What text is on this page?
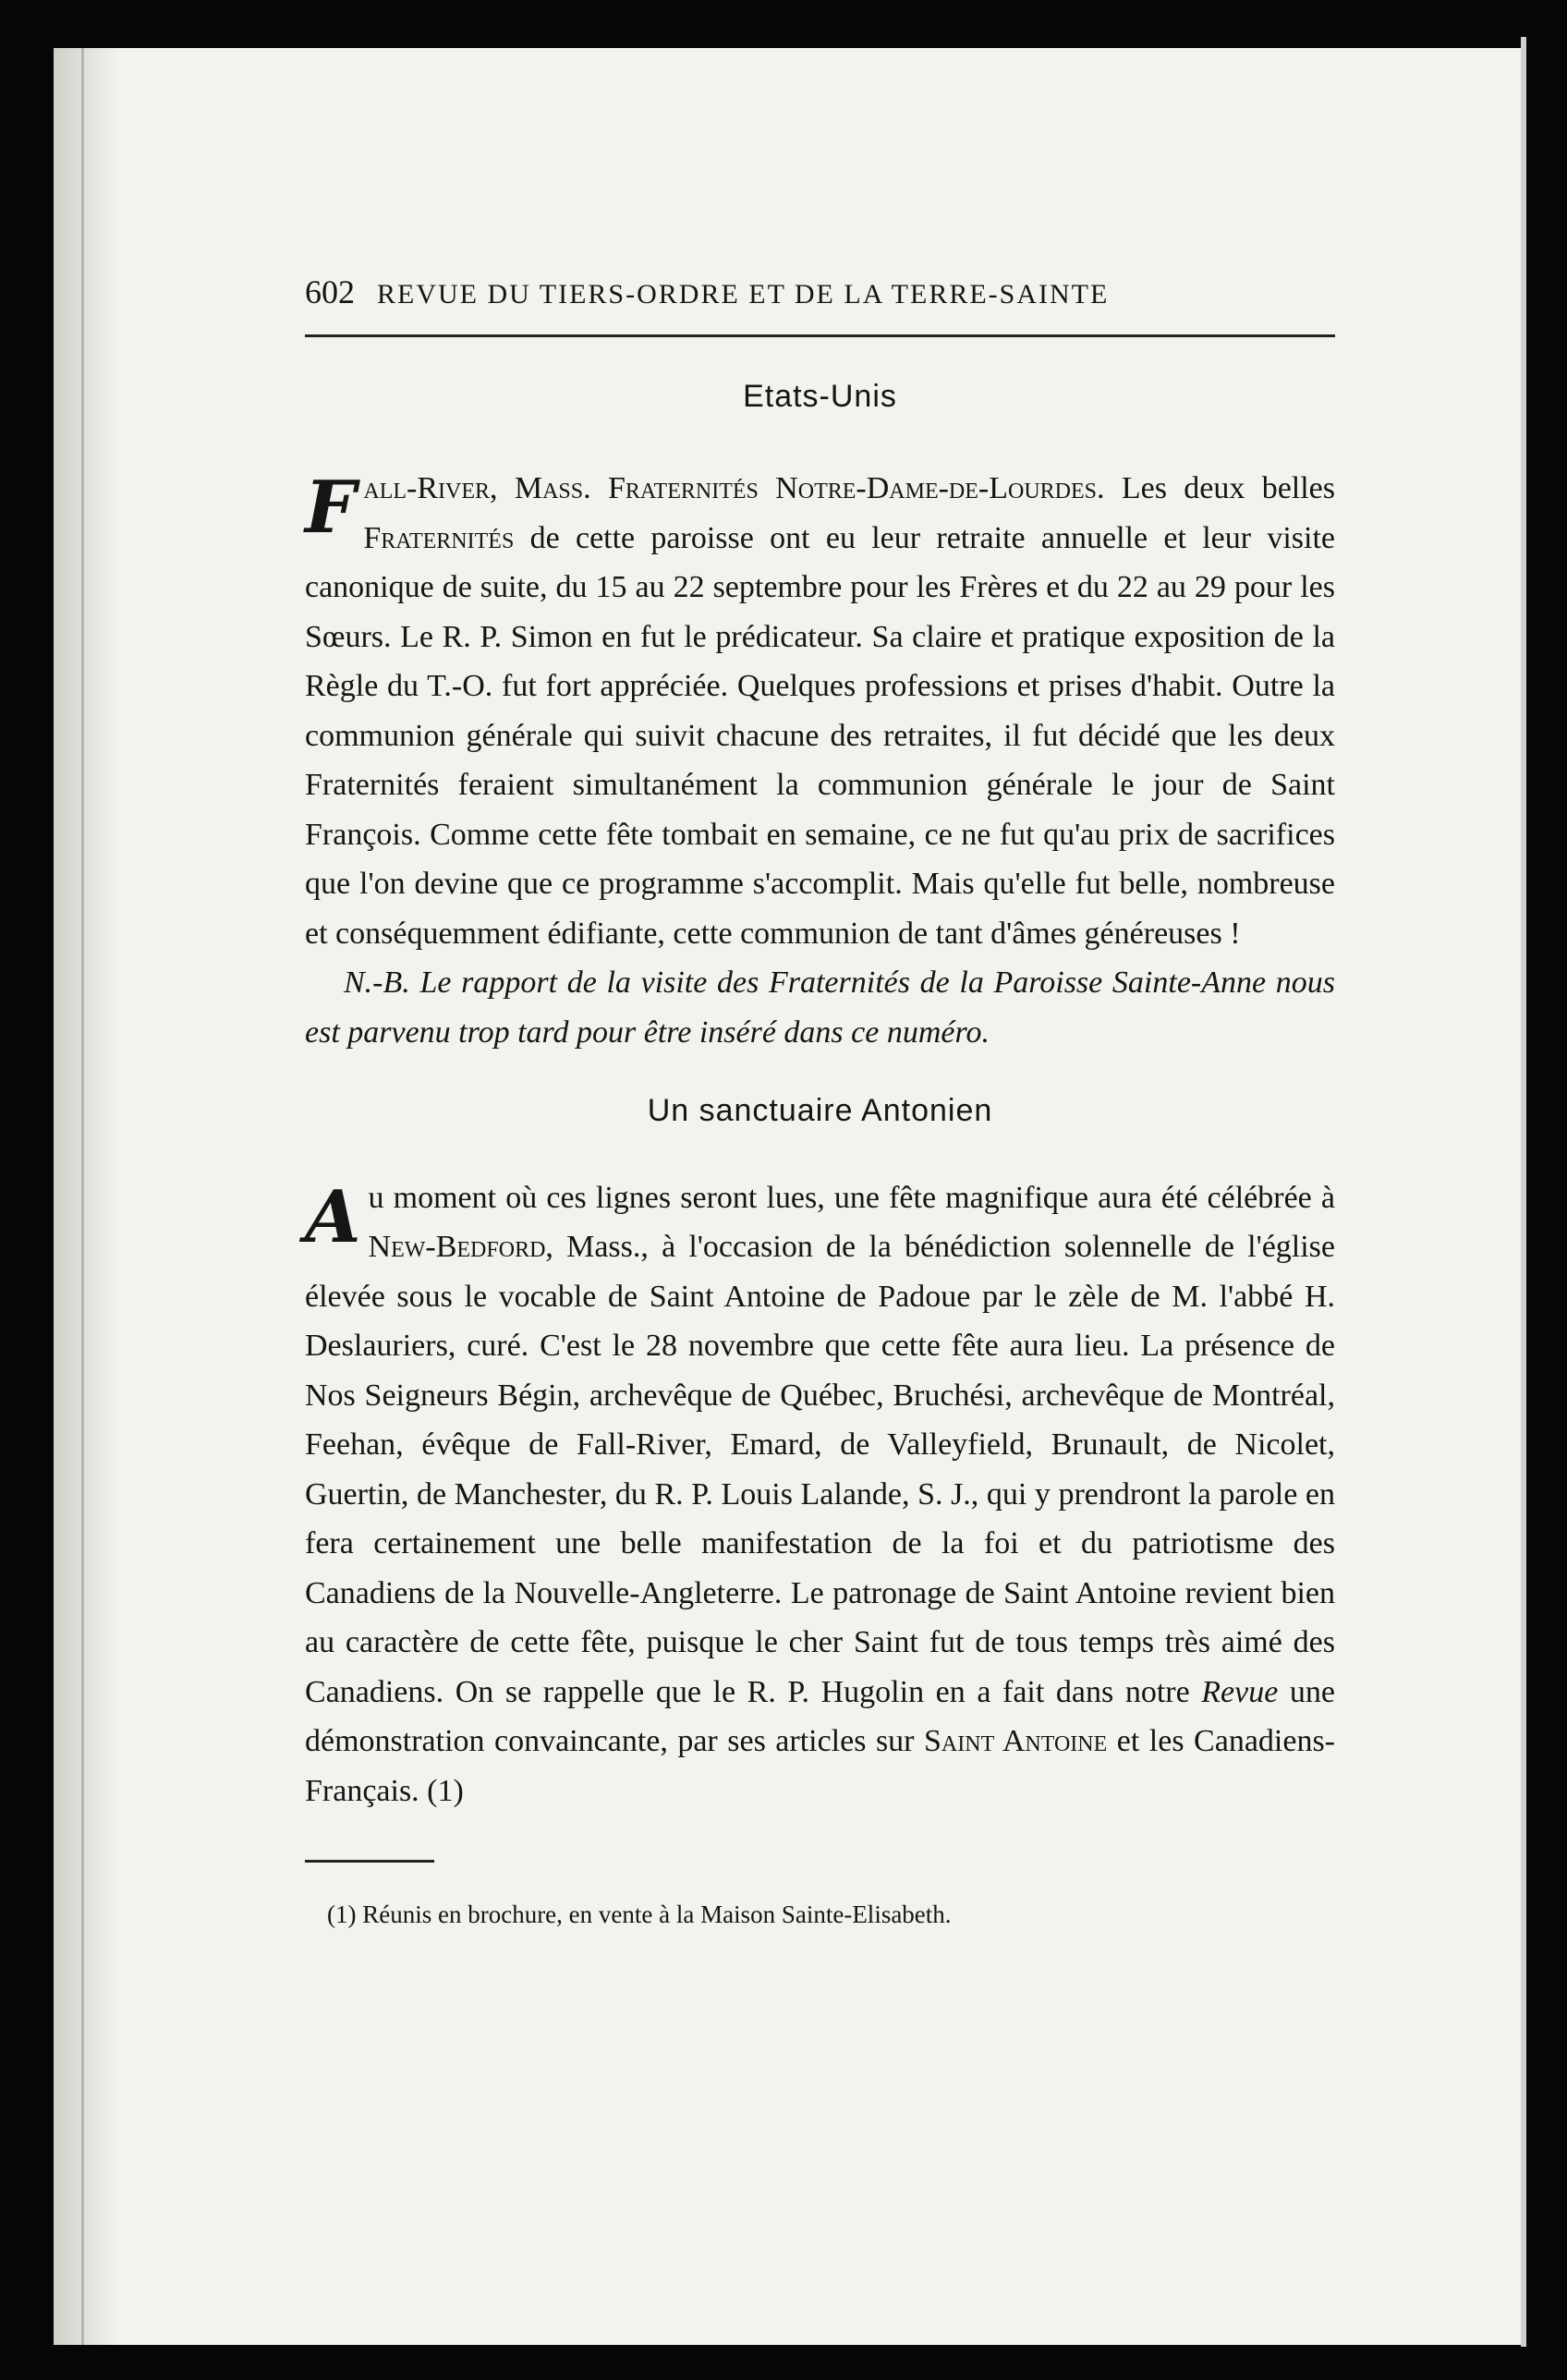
602 REVUE DU TIERS-ORDRE ET DE LA TERRE-SAINTE
Etats-Unis

Fall-River, Mass. Fraternités Notre-Dame-de-Lourdes. Les deux belles Fraternités de cette paroisse ont eu leur retraite annuelle et leur visite canonique de suite, du 15 au 22 septembre pour les Frères et du 22 au 29 pour les Sœurs. Le R. P. Simon en fut le prédicateur. Sa claire et pratique exposition de la Règle du T.-O. fut fort appréciée. Quelques professions et prises d'habit. Outre la communion générale qui suivit chacune des retraites, il fut décidé que les deux Fraternités feraient simultanément la communion générale le jour de Saint François. Comme cette fête tombait en semaine, ce ne fut qu'au prix de sacrifices que l'on devine que ce programme s'accomplit. Mais qu'elle fut belle, nombreuse et conséquemment édifiante, cette communion de tant d'âmes généreuses !

N.-B. Le rapport de la visite des Fraternités de la Paroisse Sainte-Anne nous est parvenu trop tard pour être inséré dans ce numéro.

Un sanctuaire Antonien

Au moment où ces lignes seront lues, une fête magnifique aura été célébrée à New-Bedford, Mass., à l'occasion de la bénédiction solennelle de l'église élevée sous le vocable de Saint Antoine de Padoue par le zèle de M. l'abbé H. Deslauriers, curé. C'est le 28 novembre que cette fête aura lieu. La présence de Nos Seigneurs Bégin, archevêque de Québec, Bruchési, archevêque de Montréal, Feehan, évêque de Fall-River, Emard, de Valleyfield, Brunault, de Nicolet, Guertin, de Manchester, du R. P. Louis Lalande, S. J., qui y prendront la parole en fera certainement une belle manifestation de la foi et du patriotisme des Canadiens de la Nouvelle-Angleterre. Le patronage de Saint Antoine revient bien au caractère de cette fête, puisque le cher Saint fut de tous temps très aimé des Canadiens. On se rappelle que le R. P. Hugolin en a fait dans notre Revue une démonstration convaincante, par ses articles sur Saint Antoine et les Canadiens-Français. (1)

(1) Réunis en brochure, en vente à la Maison Sainte-Elisabeth.
